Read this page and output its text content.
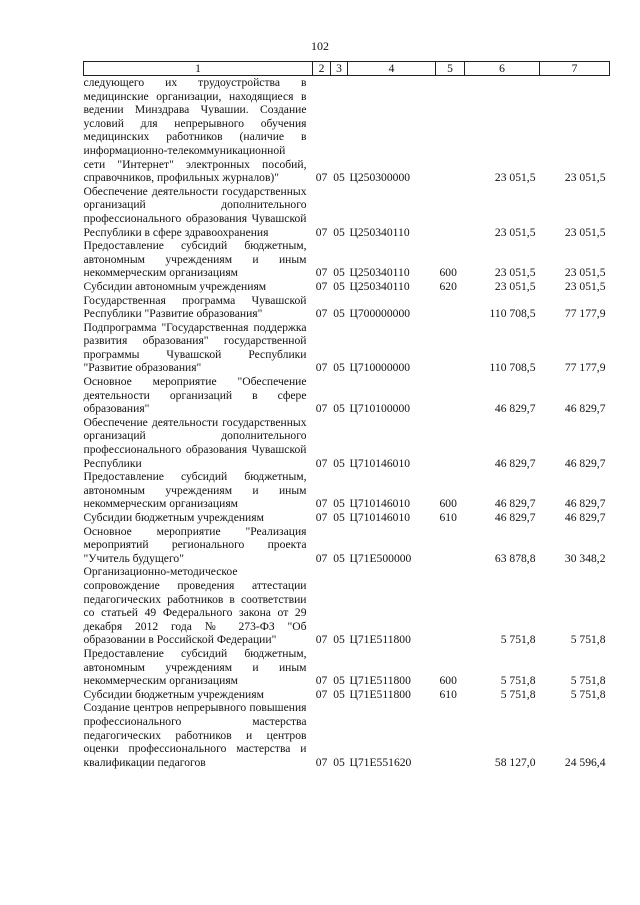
102
1	2	3	4	5	6	7
следующего их трудоустройства в медицинские организации, находящиеся в ведении Минздрава Чувашии. Создание условий для непрерывного обучения медицинских работников (наличие в информационно-телекоммуникационной сети "Интернет" электронных пособий, справочников, профильных журналов)"	07	05	Ц250300000		23 051,5	23 051,5
Обеспечение деятельности государственных организаций дополнительного профессионального образования Чувашской Республики в сфере здравоохранения	07	05	Ц250340110		23 051,5	23 051,5
Предоставление субсидий бюджетным, автономным учреждениям и иным некоммерческим организациям	07	05	Ц250340110	600	23 051,5	23 051,5
Субсидии автономным учреждениям	07	05	Ц250340110	620	23 051,5	23 051,5
Государственная программа Чувашской Республики "Развитие образования"	07	05	Ц700000000		110 708,5	77 177,9
Подпрограмма "Государственная поддержка развития образования" государственной программы Чувашской Республики "Развитие образования"	07	05	Ц710000000		110 708,5	77 177,9
Основное мероприятие "Обеспечение деятельности организаций в сфере образования"	07	05	Ц710100000		46 829,7	46 829,7
Обеспечение деятельности государственных организаций дополнительного профессионального образования Чувашской Республики	07	05	Ц710146010		46 829,7	46 829,7
Предоставление субсидий бюджетным, автономным учреждениям и иным некоммерческим организациям	07	05	Ц710146010	600	46 829,7	46 829,7
Субсидии бюджетным учреждениям	07	05	Ц710146010	610	46 829,7	46 829,7
Основное мероприятие "Реализация мероприятий регионального проекта "Учитель будущего"	07	05	Ц71Е500000		63 878,8	30 348,2
Организационно-методическое сопровождение проведения аттестации педагогических работников в соответствии со статьей 49 Федерального закона от 29 декабря 2012 года № 273-ФЗ "Об образовании в Российской Федерации"	07	05	Ц71Е511800		5 751,8	5 751,8
Предоставление субсидий бюджетным, автономным учреждениям и иным некоммерческим организациям	07	05	Ц71Е511800	600	5 751,8	5 751,8
Субсидии бюджетным учреждениям	07	05	Ц71Е511800	610	5 751,8	5 751,8
Создание центров непрерывного повышения профессионального мастерства педагогических работников и центров оценки профессионального мастерства и квалификации педагогов	07	05	Ц71Е551620		58 127,0	24 596,4
